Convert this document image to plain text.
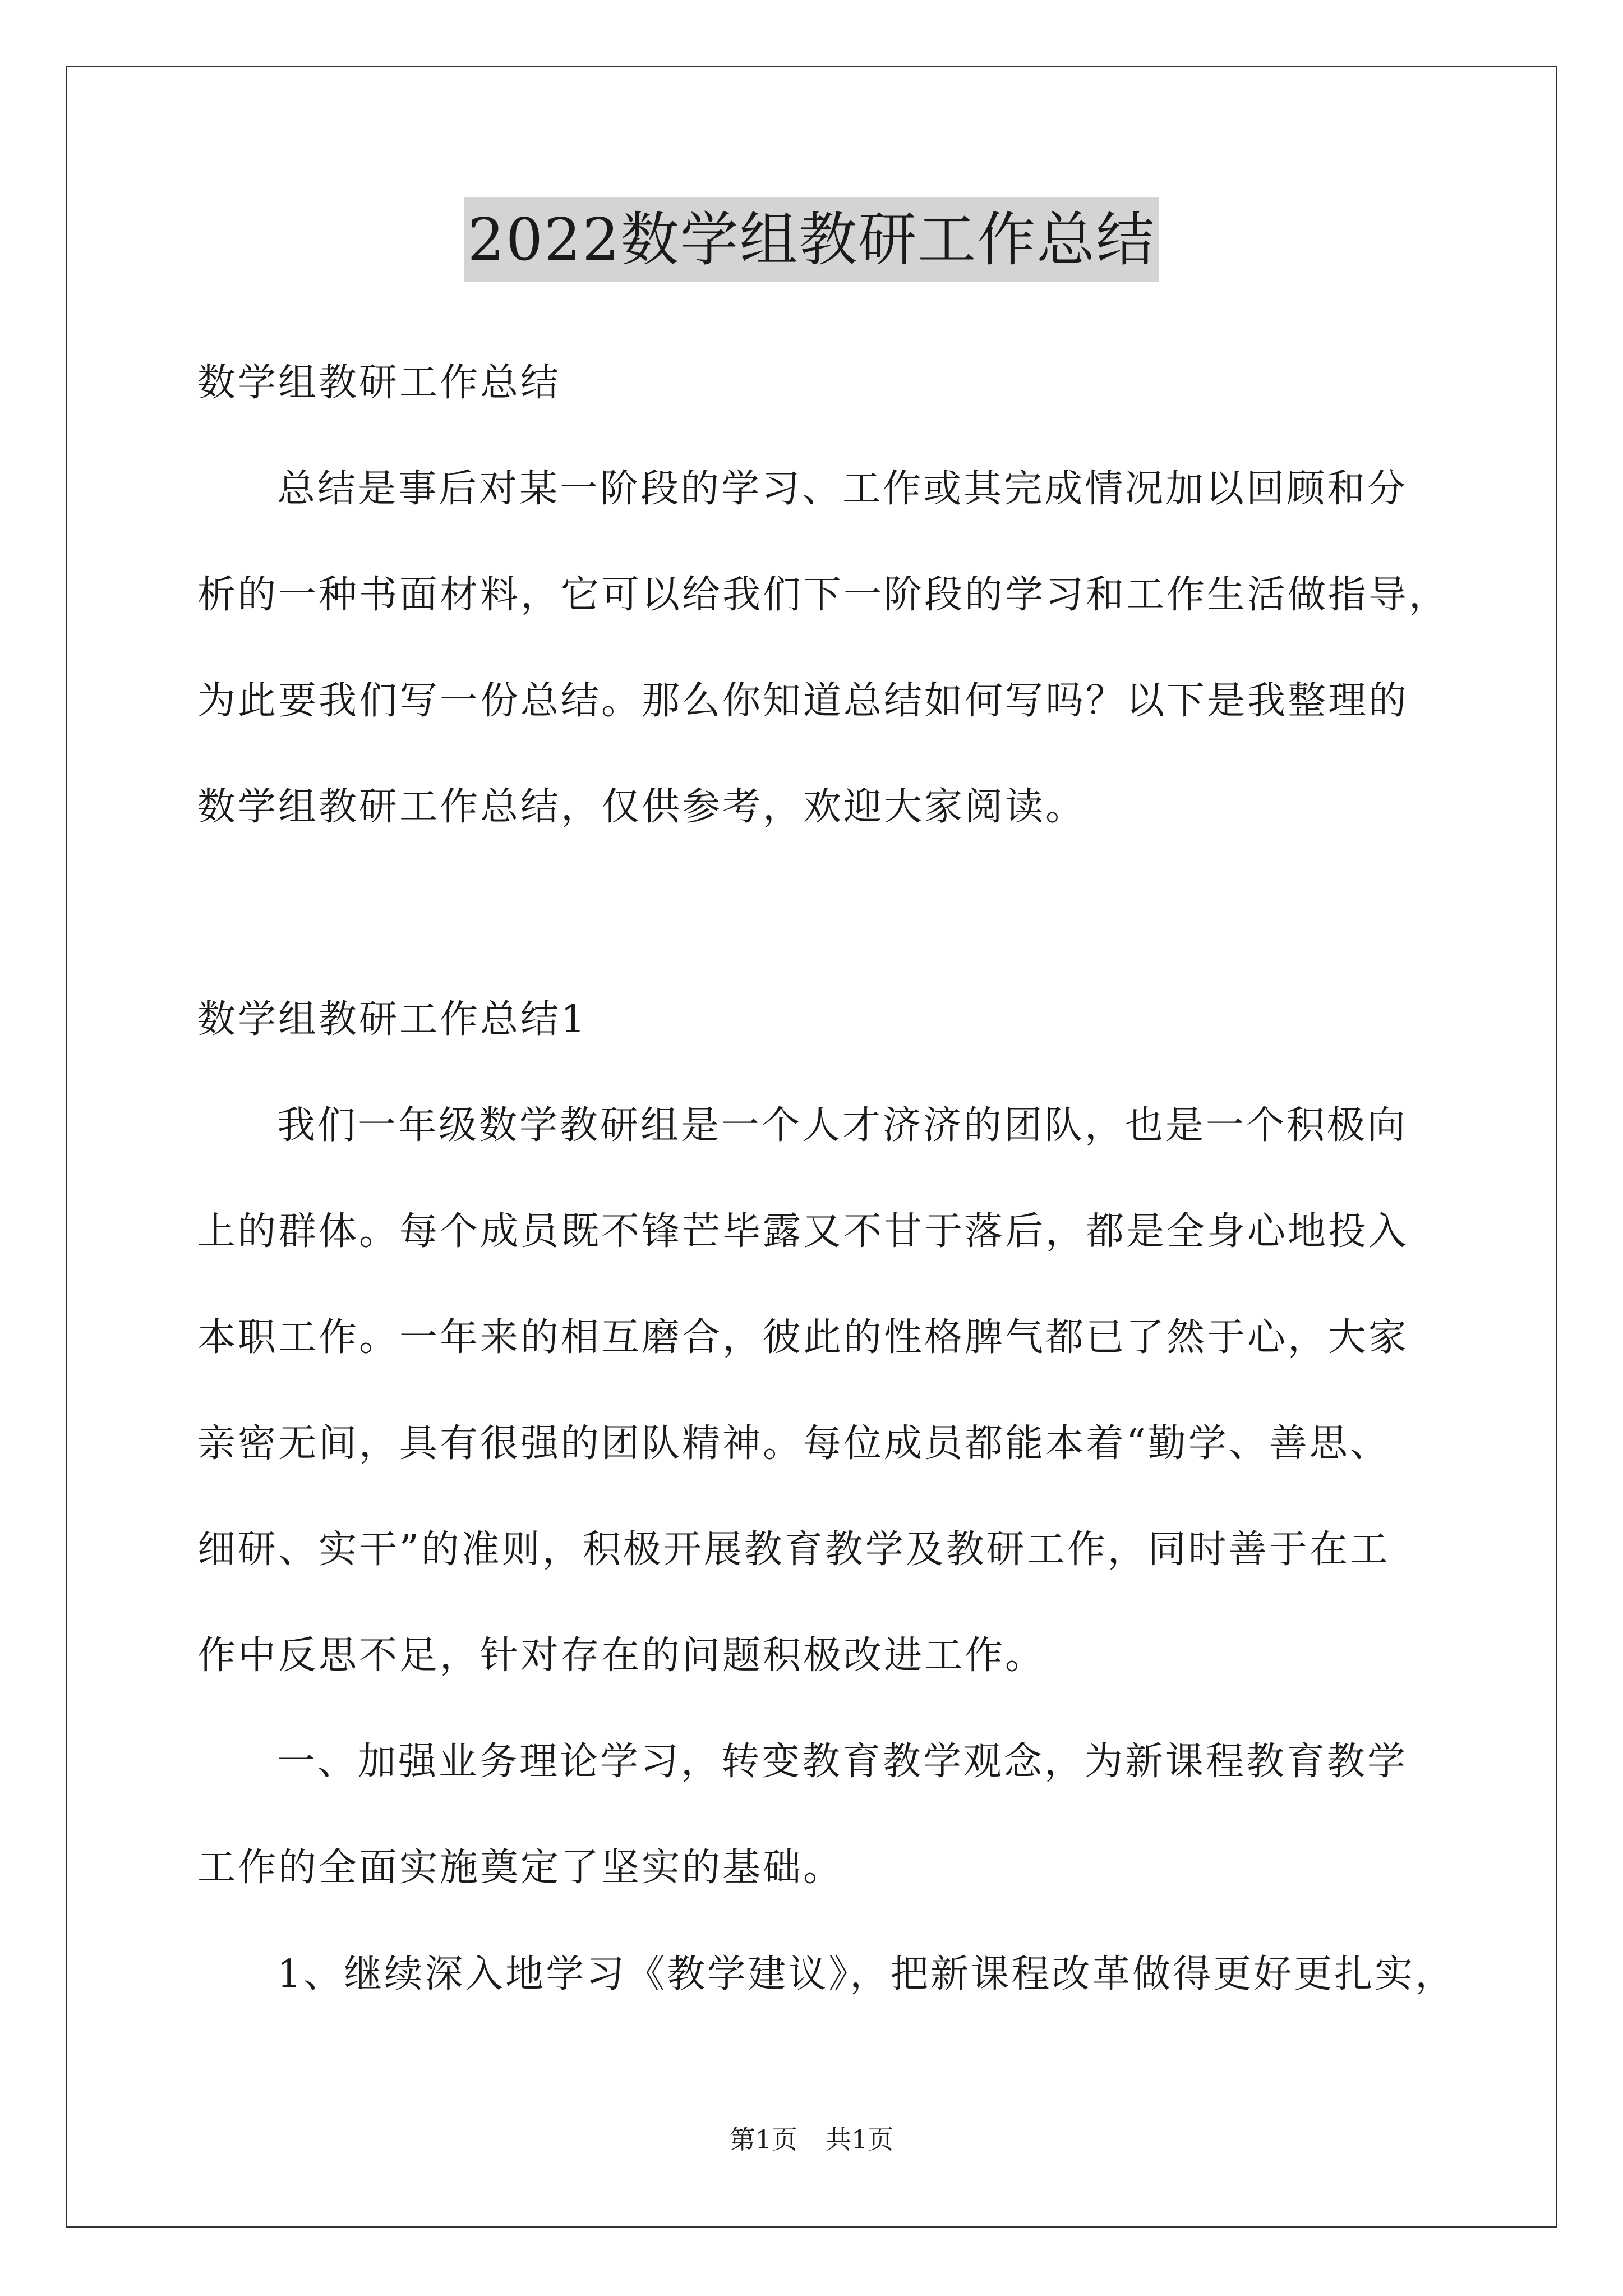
2022数学组教研工作总结
数学组教研工作总结
总结是事后对某一阶段的学习、工作或其完成情况加以回顾和分
析的一种书面材料，它可以给我们下一阶段的学习和工作生活做指导，
为此要我们写一份总结。那么你知道总结如何写吗？以下是我整理的
数学组教研工作总结，仅供参考，欢迎大家阅读。
数学组教研工作总结1
我们一年级数学教研组是一个人才济济的团队，也是一个积极向
上的群体。每个成员既不锋芒毕露又不甘于落后，都是全身心地投入
本职工作。一年来的相互磨合，彼此的性格脾气都已了然于心，大家
亲密无间，具有很强的团队精神。每位成员都能本着“勤学、善思、
细研、实干”的准则，积极开展教育教学及教研工作，同时善于在工
作中反思不足，针对存在的问题积极改进工作。
一、加强业务理论学习，转变教育教学观念，为新课程教育教学
工作的全面实施奠定了坚实的基础。
1、继续深入地学习《教学建议》，把新课程改革做得更好更扎实，
第1页 共1页
